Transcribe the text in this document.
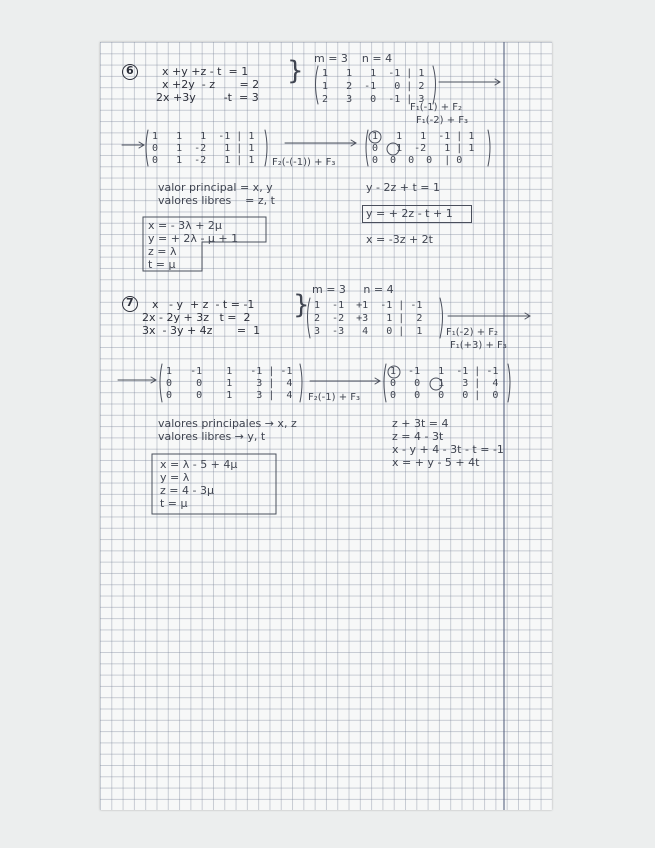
6	x +y +z - t  = 1
x +2y  - z       = 2
2x +3y        -t  = 3
} m = 3    n = 4
1   1   1  -1 | 1
1   2  -1   0 | 2
2   3   0  -1 | 3
F₁(-1) + F₂
F₁(-2) + F₃
1   1   1  -1 | 1
0   1  -2   1 | 1
0   1  -2   1 | 1 F₂(-(-1)) + F₃
1   1   1  -1 | 1
0   1  -2   1 | 1
0  0  0  0  | 0
valor principal = x, y
valores libres    = z, t
y - 2z + t = 1
y = + 2z - t + 1
x = -3z + 2t
x = - 3λ + 2μ
y = + 2λ - μ + 1
z = λ
t = μ
7 x   - y  + z  - t = -1
2x - 2y + 3z   t =  2
3x  - 3y + 4z       =  1
}
m = 3     n = 4
1  -1  +1  -1 | -1
2  -2  +3   1 |  2
3  -3   4   0 |  1 F₁(-2) + F₂
F₁(+3) + F₃
1   -1    1   -1 | -1
0    0    1    3 |  4
0    0    1    3 |  4 F₂(-1) + F₃
1  -1   1  -1 | -1
0   0   1   3 |  4
0   0   0   0 |  0
valores principales → x, z
valores libres → y, t
z + 3t = 4
z = 4 - 3t
x - y + 4 - 3t - t = -1
x = + y - 5 + 4t
x = λ - 5 + 4μ
y = λ
z = 4 - 3μ
t = μ
